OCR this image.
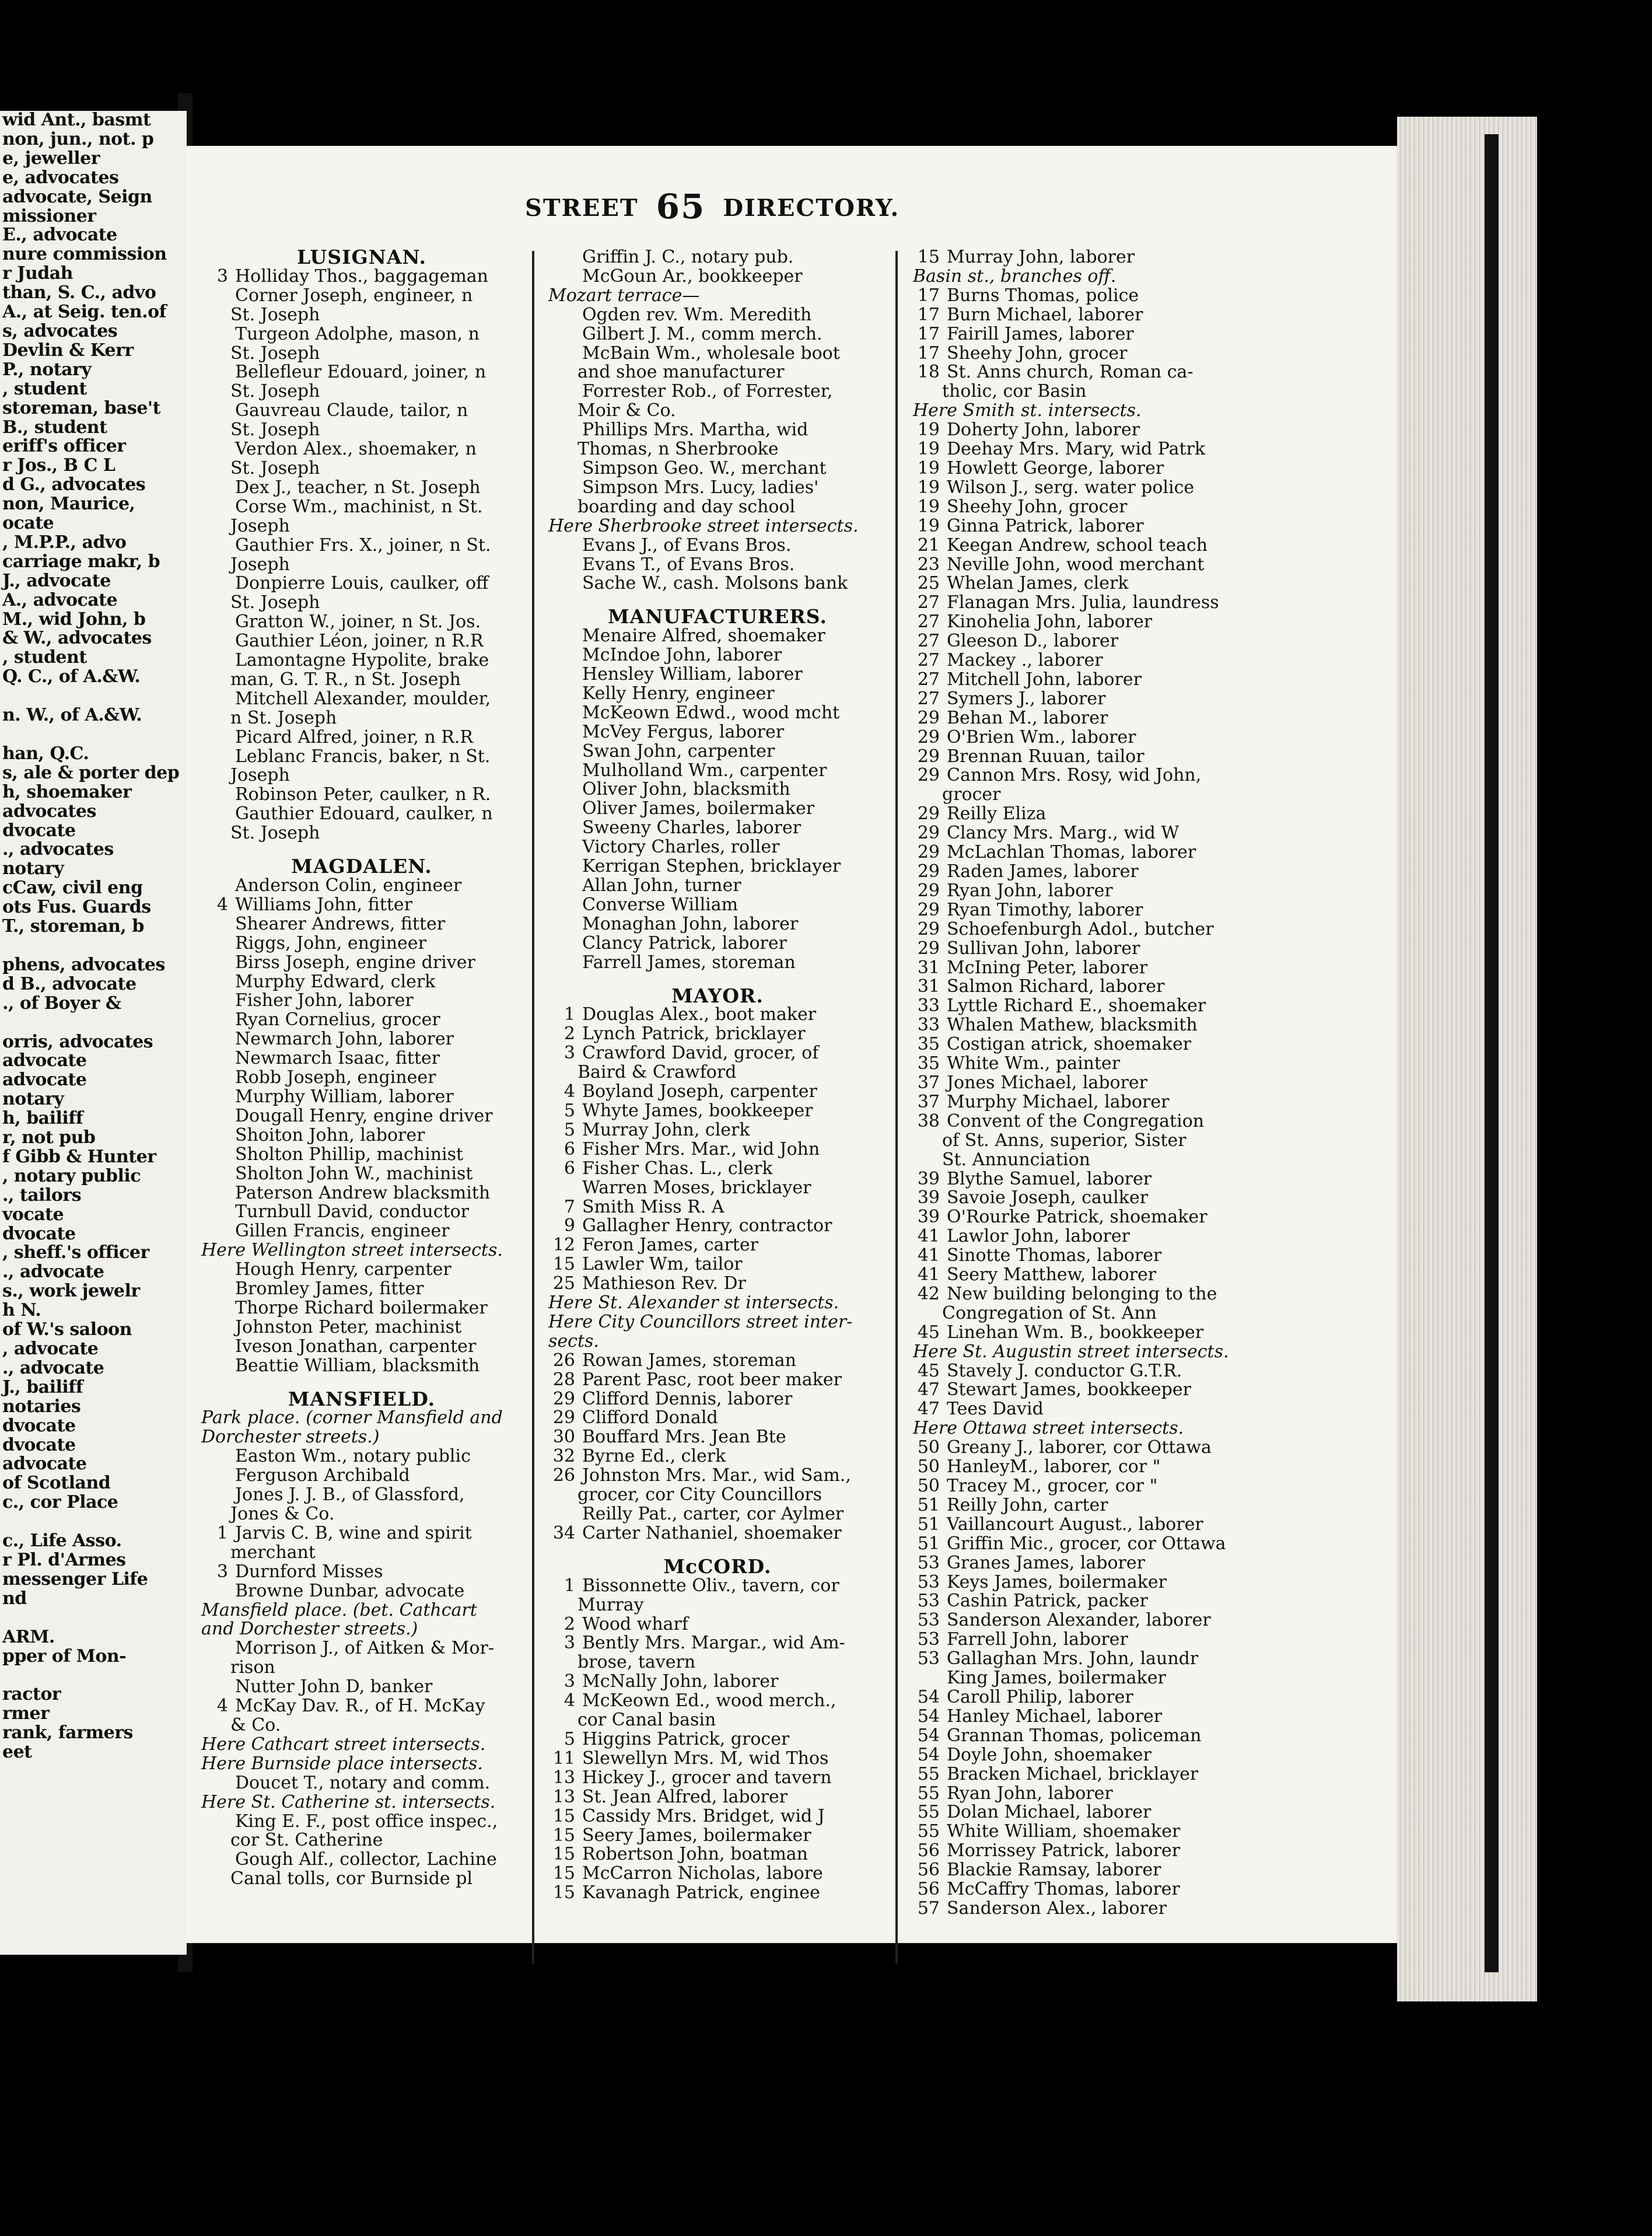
wid Ant., basmt
non, jun., not. p
e, jeweller
e, advocates
advocate, Seign
missioner
E., advocate
nure commission
r Judah
than, S. C., advo
A., at Seig. ten.of
s, advocates
Devlin & Kerr
P., notary
, student
storeman, base't
B., student
eriff's officer
r Jos., B C L
d G., advocates
non, Maurice,
ocate
, M.P.P., advo
carriage makr, b
J., advocate
A., advocate
M., wid John, b
& W., advocates
, student
Q. C., of A.&W.

n. W., of A.&W.

han, Q.C.
s, ale & porter dep
h, shoemaker
advocates
dvocate
., advocates
notary
cCaw, civil eng
ots Fus. Guards
T., storeman, b

phens, advocates
d B., advocate
., of Boyer &

orris, advocates
advocate
advocate
notary
h, bailiff
r, not pub
f Gibb & Hunter
, notary public
., tailors
vocate
dvocate
, sheff.'s officer
., advocate
s., work jewelr
h N.
of W.'s saloon
, advocate
., advocate
J., bailiff
notaries
dvocate
dvocate
advocate
of Scotland
c., cor Place

c., Life Asso.
r Pl. d'Armes
messenger Life
nd

ARM.
pper of Mon-

ractor
rmer
rank, farmers
eet
STREET 65 DIRECTORY.
LUSIGNAN.
3 Holliday Thos., baggageman
Corner Joseph, engineer, n
St. Joseph
Turgeon Adolphe, mason, n
St. Joseph
Bellefleur Edouard, joiner, n
St. Joseph
Gauvreau Claude, tailor, n
St. Joseph
Verdon Alex., shoemaker, n
St. Joseph
Dex J., teacher, n St. Joseph
Corse Wm., machinist, n St.
Joseph
Gauthier Frs. X., joiner, n St.
Joseph
Donpierre Louis, caulker, off
St. Joseph
Gratton W., joiner, n St. Jos.
Gauthier Léon, joiner, n R.R
Lamontagne Hypolite, brake
man, G. T. R., n St. Joseph
Mitchell Alexander, moulder,
n St. Joseph
Picard Alfred, joiner, n R.R
Leblanc Francis, baker, n St.
Joseph
Robinson Peter, caulker, n R.
Gauthier Edouard, caulker, n
St. Joseph
MAGDALEN.
Anderson Colin, engineer
4 Williams John, fitter
Shearer Andrews, fitter
Riggs, John, engineer
Birss Joseph, engine driver
Murphy Edward, clerk
Fisher John, laborer
Ryan Cornelius, grocer
Newmarch John, laborer
Newmarch Isaac, fitter
Robb Joseph, engineer
Murphy William, laborer
Dougall Henry, engine driver
Shoiton John, laborer
Sholton Phillip, machinist
Sholton John W., machinist
Paterson Andrew blacksmith
Turnbull David, conductor
Gillen Francis, engineer
Here Wellington street intersects.
Hough Henry, carpenter
Bromley James, fitter
Thorpe Richard boilermaker
Johnston Peter, machinist
Iveson Jonathan, carpenter
Beattie William, blacksmith
MANSFIELD.
Park place. (corner Mansfield and
Dorchester streets.)
Easton Wm., notary public
Ferguson Archibald
Jones J. J. B., of Glassford,
Jones & Co.
1 Jarvis C. B, wine and spirit
merchant
3 Durnford Misses
Browne Dunbar, advocate
Mansfield place. (bet. Cathcart
and Dorchester streets.)
Morrison J., of Aitken & Mor-
rison
Nutter John D, banker
4 McKay Dav. R., of H. McKay
& Co.
Here Cathcart street intersects.
Here Burnside place intersects.
Doucet T., notary and comm.
Here St. Catherine st. intersects.
King E. F., post office inspec.,
cor St. Catherine
Gough Alf., collector, Lachine
Canal tolls, cor Burnside pl
Griffin J. C., notary pub.
McGoun Ar., bookkeeper
Mozart terrace—
Ogden rev. Wm. Meredith
Gilbert J. M., comm merch.
McBain Wm., wholesale boot
and shoe manufacturer
Forrester Rob., of Forrester,
Moir & Co.
Phillips Mrs. Martha, wid
Thomas, n Sherbrooke
Simpson Geo. W., merchant
Simpson Mrs. Lucy, ladies'
boarding and day school
Here Sherbrooke street intersects.
Evans J., of Evans Bros.
Evans T., of Evans Bros.
Sache W., cash. Molsons bank
MANUFACTURERS.
Menaire Alfred, shoemaker
McIndoe John, laborer
Hensley William, laborer
Kelly Henry, engineer
McKeown Edwd., wood mcht
McVey Fergus, laborer
Swan John, carpenter
Mulholland Wm., carpenter
Oliver John, blacksmith
Oliver James, boilermaker
Sweeny Charles, laborer
Victory Charles, roller
Kerrigan Stephen, bricklayer
Allan John, turner
Converse William
Monaghan John, laborer
Clancy Patrick, laborer
Farrell James, storeman
MAYOR.
1 Douglas Alex., boot maker
2 Lynch Patrick, bricklayer
3 Crawford David, grocer, of
Baird & Crawford
4 Boyland Joseph, carpenter
5 Whyte James, bookkeeper
5 Murray John, clerk
6 Fisher Mrs. Mar., wid John
6 Fisher Chas. L., clerk
Warren Moses, bricklayer
7 Smith Miss R. A
9 Gallagher Henry, contractor
12 Feron James, carter
15 Lawler Wm, tailor
25 Mathieson Rev. Dr
Here St. Alexander st intersects.
Here City Councillors street inter-
sects.
26 Rowan James, storeman
28 Parent Pasc, root beer maker
29 Clifford Dennis, laborer
29 Clifford Donald
30 Bouffard Mrs. Jean Bte
32 Byrne Ed., clerk
26 Johnston Mrs. Mar., wid Sam.,
grocer, cor City Councillors
Reilly Pat., carter, cor Aylmer
34 Carter Nathaniel, shoemaker
McCORD.
1 Bissonnette Oliv., tavern, cor
Murray
2 Wood wharf
3 Bently Mrs. Margar., wid Am-
brose, tavern
3 McNally John, laborer
4 McKeown Ed., wood merch.,
cor Canal basin
5 Higgins Patrick, grocer
11 Slewellyn Mrs. M, wid Thos
13 Hickey J., grocer and tavern
13 St. Jean Alfred, laborer
15 Cassidy Mrs. Bridget, wid J
15 Seery James, boilermaker
15 Robertson John, boatman
15 McCarron Nicholas, labore
15 Kavanagh Patrick, enginee
15 Murray John, laborer
Basin st., branches off.
17 Burns Thomas, police
17 Burn Michael, laborer
17 Fairill James, laborer
17 Sheehy John, grocer
18 St. Anns church, Roman ca-
tholic, cor Basin
Here Smith st. intersects.
19 Doherty John, laborer
19 Deehay Mrs. Mary, wid Patrk
19 Howlett George, laborer
19 Wilson J., serg. water police
19 Sheehy John, grocer
19 Ginna Patrick, laborer
21 Keegan Andrew, school teach
23 Neville John, wood merchant
25 Whelan James, clerk
27 Flanagan Mrs. Julia, laundress
27 Kinohelia John, laborer
27 Gleeson D., laborer
27 Mackey ., laborer
27 Mitchell John, laborer
27 Symers J., laborer
29 Behan M., laborer
29 O'Brien Wm., laborer
29 Brennan Ruuan, tailor
29 Cannon Mrs. Rosy, wid John,
grocer
29 Reilly Eliza
29 Clancy Mrs. Marg., wid W
29 McLachlan Thomas, laborer
29 Raden James, laborer
29 Ryan John, laborer
29 Ryan Timothy, laborer
29 Schoefenburgh Adol., butcher
29 Sullivan John, laborer
31 McIning Peter, laborer
31 Salmon Richard, laborer
33 Lyttle Richard E., shoemaker
33 Whalen Mathew, blacksmith
35 Costigan atrick, shoemaker
35 White Wm., painter
37 Jones Michael, laborer
37 Murphy Michael, laborer
38 Convent of the Congregation
of St. Anns, superior, Sister
St. Annunciation
39 Blythe Samuel, laborer
39 Savoie Joseph, caulker
39 O'Rourke Patrick, shoemaker
41 Lawlor John, laborer
41 Sinotte Thomas, laborer
41 Seery Matthew, laborer
42 New building belonging to the
Congregation of St. Ann
45 Linehan Wm. B., bookkeeper
Here St. Augustin street intersects.
45 Stavely J. conductor G.T.R.
47 Stewart James, bookkeeper
47 Tees David
Here Ottawa street intersects.
50 Greany J., laborer, cor Ottawa
50 HanleyM., laborer, cor "
50 Tracey M., grocer, cor "
51 Reilly John, carter
51 Vaillancourt August., laborer
51 Griffin Mic., grocer, cor Ottawa
53 Granes James, laborer
53 Keys James, boilermaker
53 Cashin Patrick, packer
53 Sanderson Alexander, laborer
53 Farrell John, laborer
53 Gallaghan Mrs. John, laundr
King James, boilermaker
54 Caroll Philip, laborer
54 Hanley Michael, laborer
54 Grannan Thomas, policeman
54 Doyle John, shoemaker
55 Bracken Michael, bricklayer
55 Ryan John, laborer
55 Dolan Michael, laborer
55 White William, shoemaker
56 Morrissey Patrick, laborer
56 Blackie Ramsay, laborer
56 McCaffry Thomas, laborer
57 Sanderson Alex., laborer
